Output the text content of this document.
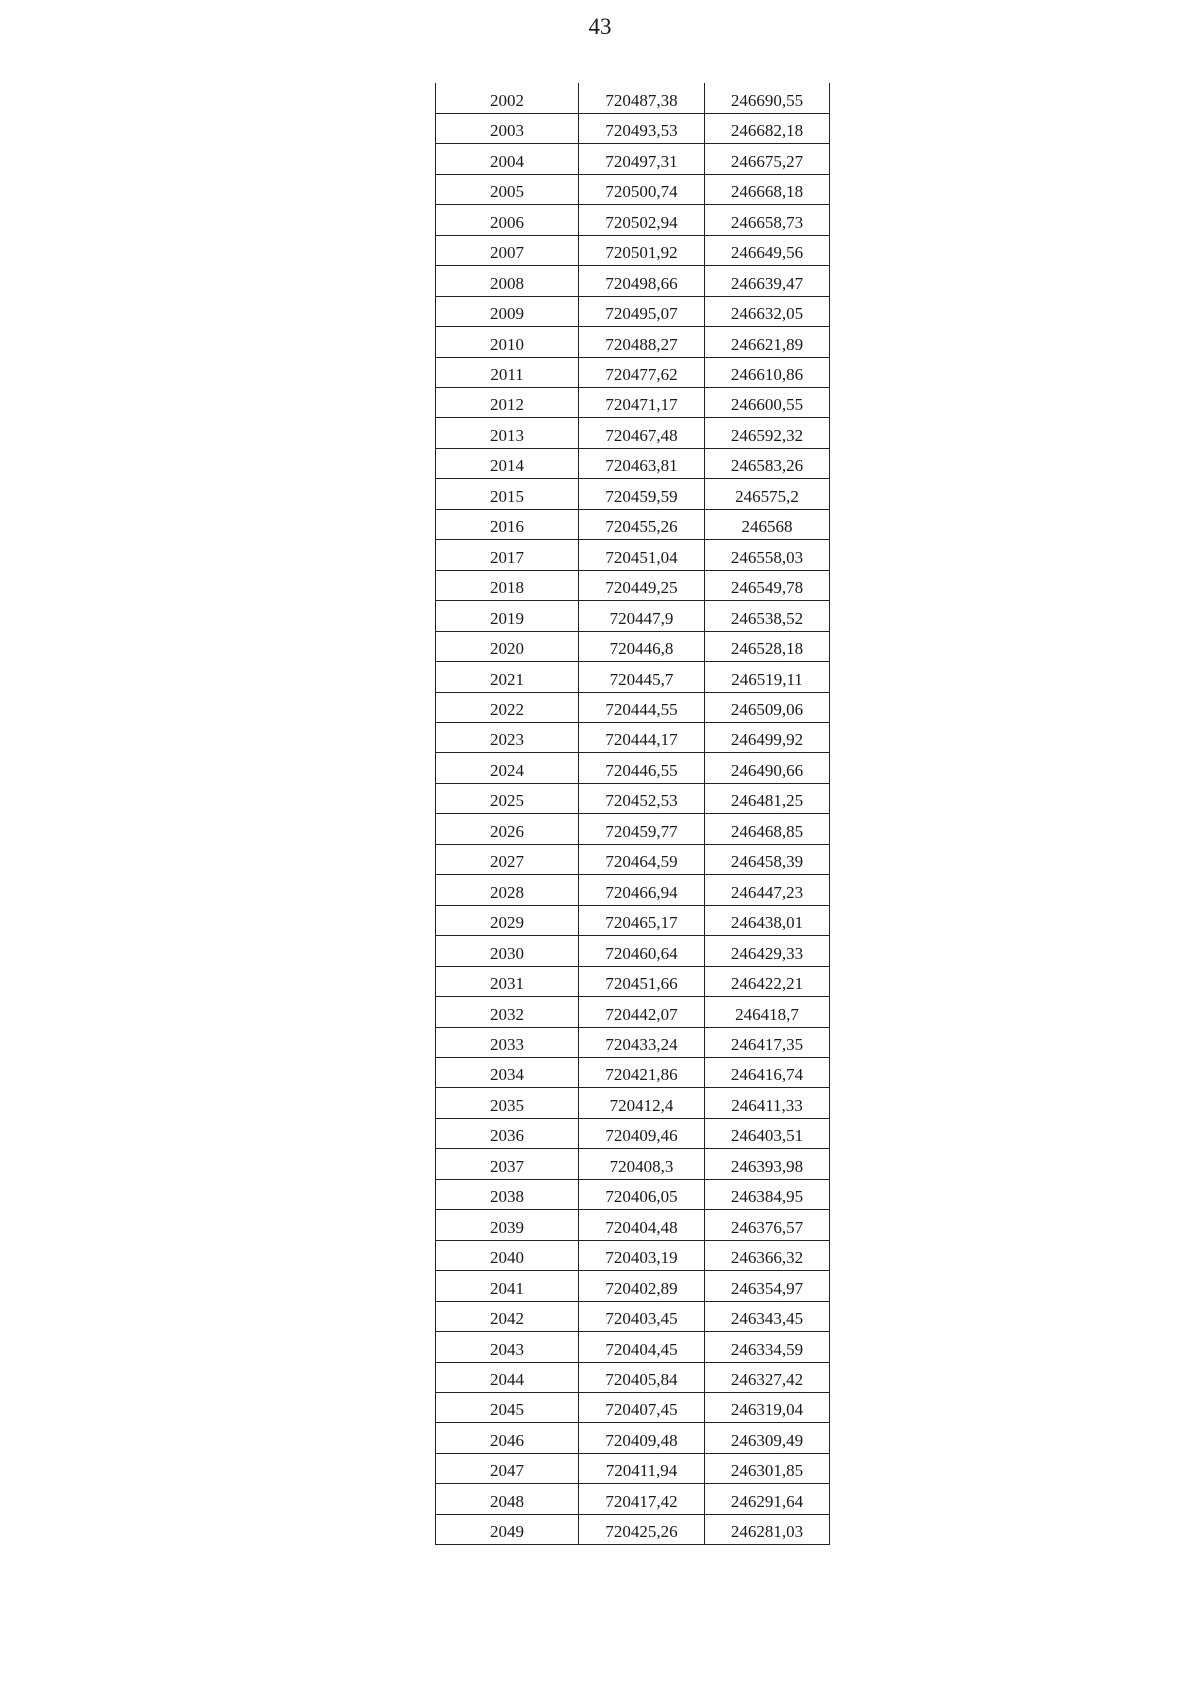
43
2002	720487,38	246690,55
2003	720493,53	246682,18
2004	720497,31	246675,27
2005	720500,74	246668,18
2006	720502,94	246658,73
2007	720501,92	246649,56
2008	720498,66	246639,47
2009	720495,07	246632,05
2010	720488,27	246621,89
2011	720477,62	246610,86
2012	720471,17	246600,55
2013	720467,48	246592,32
2014	720463,81	246583,26
2015	720459,59	246575,2
2016	720455,26	246568
2017	720451,04	246558,03
2018	720449,25	246549,78
2019	720447,9	246538,52
2020	720446,8	246528,18
2021	720445,7	246519,11
2022	720444,55	246509,06
2023	720444,17	246499,92
2024	720446,55	246490,66
2025	720452,53	246481,25
2026	720459,77	246468,85
2027	720464,59	246458,39
2028	720466,94	246447,23
2029	720465,17	246438,01
2030	720460,64	246429,33
2031	720451,66	246422,21
2032	720442,07	246418,7
2033	720433,24	246417,35
2034	720421,86	246416,74
2035	720412,4	246411,33
2036	720409,46	246403,51
2037	720408,3	246393,98
2038	720406,05	246384,95
2039	720404,48	246376,57
2040	720403,19	246366,32
2041	720402,89	246354,97
2042	720403,45	246343,45
2043	720404,45	246334,59
2044	720405,84	246327,42
2045	720407,45	246319,04
2046	720409,48	246309,49
2047	720411,94	246301,85
2048	720417,42	246291,64
2049	720425,26	246281,03
